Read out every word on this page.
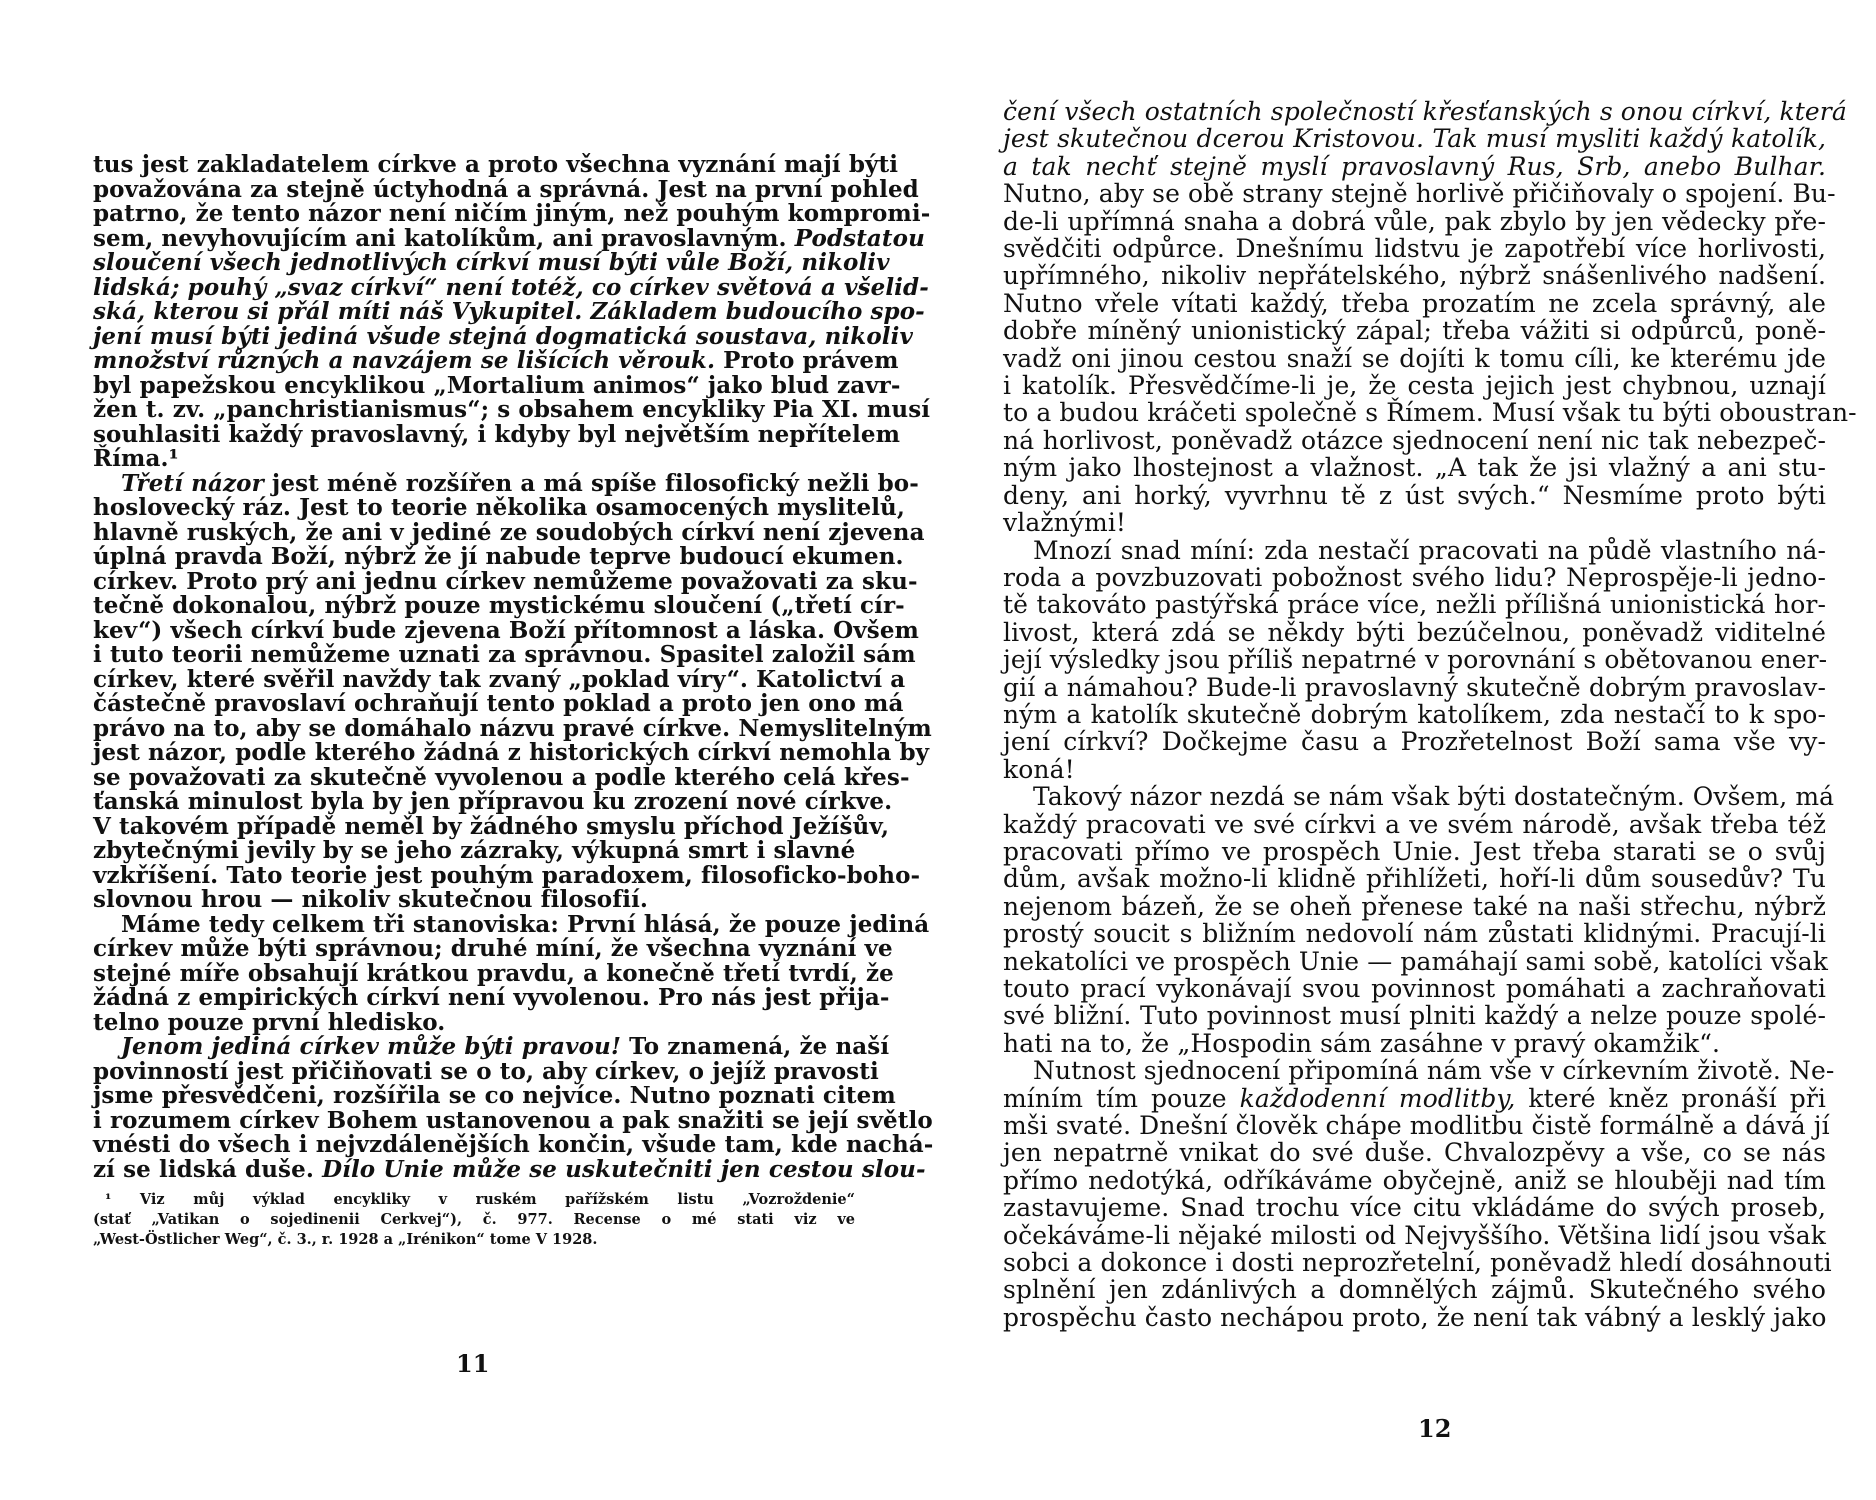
tus jest zakladatelem církve a proto všechna vyznání mají býti
považována za stejně úctyhodná a správná. Jest na první pohled
patrno, že tento názor není ničím jiným, než pouhým kompromi-
sem, nevyhovujícím ani katolíkům, ani pravoslavným. Podstatou
sloučení všech jednotlivých církví musí býti vůle Boží, nikoliv
lidská; pouhý „svaz církví“ není totéž, co církev světová a všelid-
ská, kterou si přál míti náš Vykupitel. Základem budoucího spo-
jení musí býti jediná všude stejná dogmatická soustava, nikoliv
množství různých a navzájem se lišících věrouk. Proto právem
byl papežskou encyklikou „Mortalium animos“ jako blud zavr-
žen t. zv. „panchristianismus“; s obsahem encykliky Pia XI. musí
souhlasiti každý pravoslavný, i kdyby byl největším nepřítelem
Říma.¹
Třetí názor jest méně rozšířen a má spíše filosofický nežli bo-
hoslovecký ráz. Jest to teorie několika osamocených myslitelů,
hlavně ruských, že ani v jediné ze soudobých církví není zjevena
úplná pravda Boží, nýbrž že jí nabude teprve budoucí ekumen.
církev. Proto prý ani jednu církev nemůžeme považovati za sku-
tečně dokonalou, nýbrž pouze mystickému sloučení („třetí cír-
kev“) všech církví bude zjevena Boží přítomnost a láska. Ovšem
i tuto teorii nemůžeme uznati za správnou. Spasitel založil sám
církev, které svěřil navždy tak zvaný „poklad víry“. Katolictví a
částečně pravoslaví ochraňují tento poklad a proto jen ono má
právo na to, aby se domáhalo názvu pravé církve. Nemyslitelným
jest názor, podle kterého žádná z historických církví nemohla by
se považovati za skutečně vyvolenou a podle kterého celá křes-
ťanská minulost byla by jen přípravou ku zrození nové církve.
V takovém případě neměl by žádného smyslu příchod Ježíšův,
zbytečnými jevily by se jeho zázraky, výkupná smrt i slavné
vzkříšení. Tato teorie jest pouhým paradoxem, filosoficko-boho-
slovnou hrou — nikoliv skutečnou filosofií.
Máme tedy celkem tři stanoviska: První hlásá, že pouze jediná
církev může býti správnou; druhé míní, že všechna vyznání ve
stejné míře obsahují krátkou pravdu, a konečně třetí tvrdí, že
žádná z empirických církví není vyvolenou. Pro nás jest přija-
telno pouze první hledisko.
Jenom jediná církev může býti pravou! To znamená, že naší
povinností jest přičiňovati se o to, aby církev, o jejíž pravosti
jsme přesvědčeni, rozšířila se co nejvíce. Nutno poznati citem
i rozumem církev Bohem ustanovenou a pak snažiti se její světlo
vnésti do všech i nejvzdálenějších končin, všude tam, kde nachá-
zí se lidská duše. Dílo Unie může se uskutečniti jen cestou slou-
¹ Viz můj výklad encykliky v ruském pařížském listu „Vozroždenie“
(stať „Vatikan o sojedinenii Cerkvej“), č. 977. Recense o mé stati viz ve
„West-Östlicher Weg“, č. 3., r. 1928 a „Irénikon“ tome V 1928.
11
čení všech ostatních společností křesťanských s onou církví, která
jest skutečnou dcerou Kristovou. Tak musí mysliti každý katolík,
a tak nechť stejně myslí pravoslavný Rus, Srb, anebo Bulhar.
Nutno, aby se obě strany stejně horlivě přičiňovaly o spojení. Bu-
de-li upřímná snaha a dobrá vůle, pak zbylo by jen vědecky pře-
svědčiti odpůrce. Dnešnímu lidstvu je zapotřebí více horlivosti,
upřímného, nikoliv nepřátelského, nýbrž snášenlivého nadšení.
Nutno vřele vítati každý, třeba prozatím ne zcela správný, ale
dobře míněný unionistický zápal; třeba vážiti si odpůrců, poně-
vadž oni jinou cestou snaží se dojíti k tomu cíli, ke kterému jde
i katolík. Přesvědčíme-li je, že cesta jejich jest chybnou, uznají
to a budou kráčeti společně s Římem. Musí však tu býti oboustran-
ná horlivost, poněvadž otázce sjednocení není nic tak nebezpeč-
ným jako lhostejnost a vlažnost. „A tak že jsi vlažný a ani stu-
deny, ani horký, vyvrhnu tě z úst svých.“ Nesmíme proto býti
vlažnými!
Mnozí snad míní: zda nestačí pracovati na půdě vlastního ná-
roda a povzbuzovati pobožnost svého lidu? Neprospěje-li jedno-
tě takováto pastýřská práce více, nežli přílišná unionistická hor-
livost, která zdá se někdy býti bezúčelnou, poněvadž viditelné
její výsledky jsou příliš nepatrné v porovnání s obětovanou ener-
gií a námahou? Bude-li pravoslavný skutečně dobrým pravoslav-
ným a katolík skutečně dobrým katolíkem, zda nestačí to k spo-
jení církví? Dočkejme času a Prozřetelnost Boží sama vše vy-
koná!
Takový názor nezdá se nám však býti dostatečným. Ovšem, má
každý pracovati ve své církvi a ve svém národě, avšak třeba též
pracovati přímo ve prospěch Unie. Jest třeba starati se o svůj
dům, avšak možno-li klidně přihlížeti, hoří-li dům sousedův? Tu
nejenom bázeň, že se oheň přenese také na naši střechu, nýbrž
prostý soucit s bližním nedovolí nám zůstati klidnými. Pracují-li
nekatolíci ve prospěch Unie — pamáhají sami sobě, katolíci však
touto prací vykonávají svou povinnost pomáhati a zachraňovati
své bližní. Tuto povinnost musí plniti každý a nelze pouze spolé-
hati na to, že „Hospodin sám zasáhne v pravý okamžik“.
Nutnost sjednocení připomíná nám vše v církevním životě. Ne-
míním tím pouze každodenní modlitby, které kněz pronáší při
mši svaté. Dnešní člověk chápe modlitbu čistě formálně a dává jí
jen nepatrně vnikat do své duše. Chvalozpěvy a vše, co se nás
přímo nedotýká, odříkáváme obyčejně, aniž se hlouběji nad tím
zastavujeme. Snad trochu více citu vkládáme do svých proseb,
očekáváme-li nějaké milosti od Nejvyššího. Většina lidí jsou však
sobci a dokonce i dosti neprozřetelní, poněvadž hledí dosáhnouti
splnění jen zdánlivých a domnělých zájmů. Skutečného svého
prospěchu často nechápou proto, že není tak vábný a lesklý jako
12
